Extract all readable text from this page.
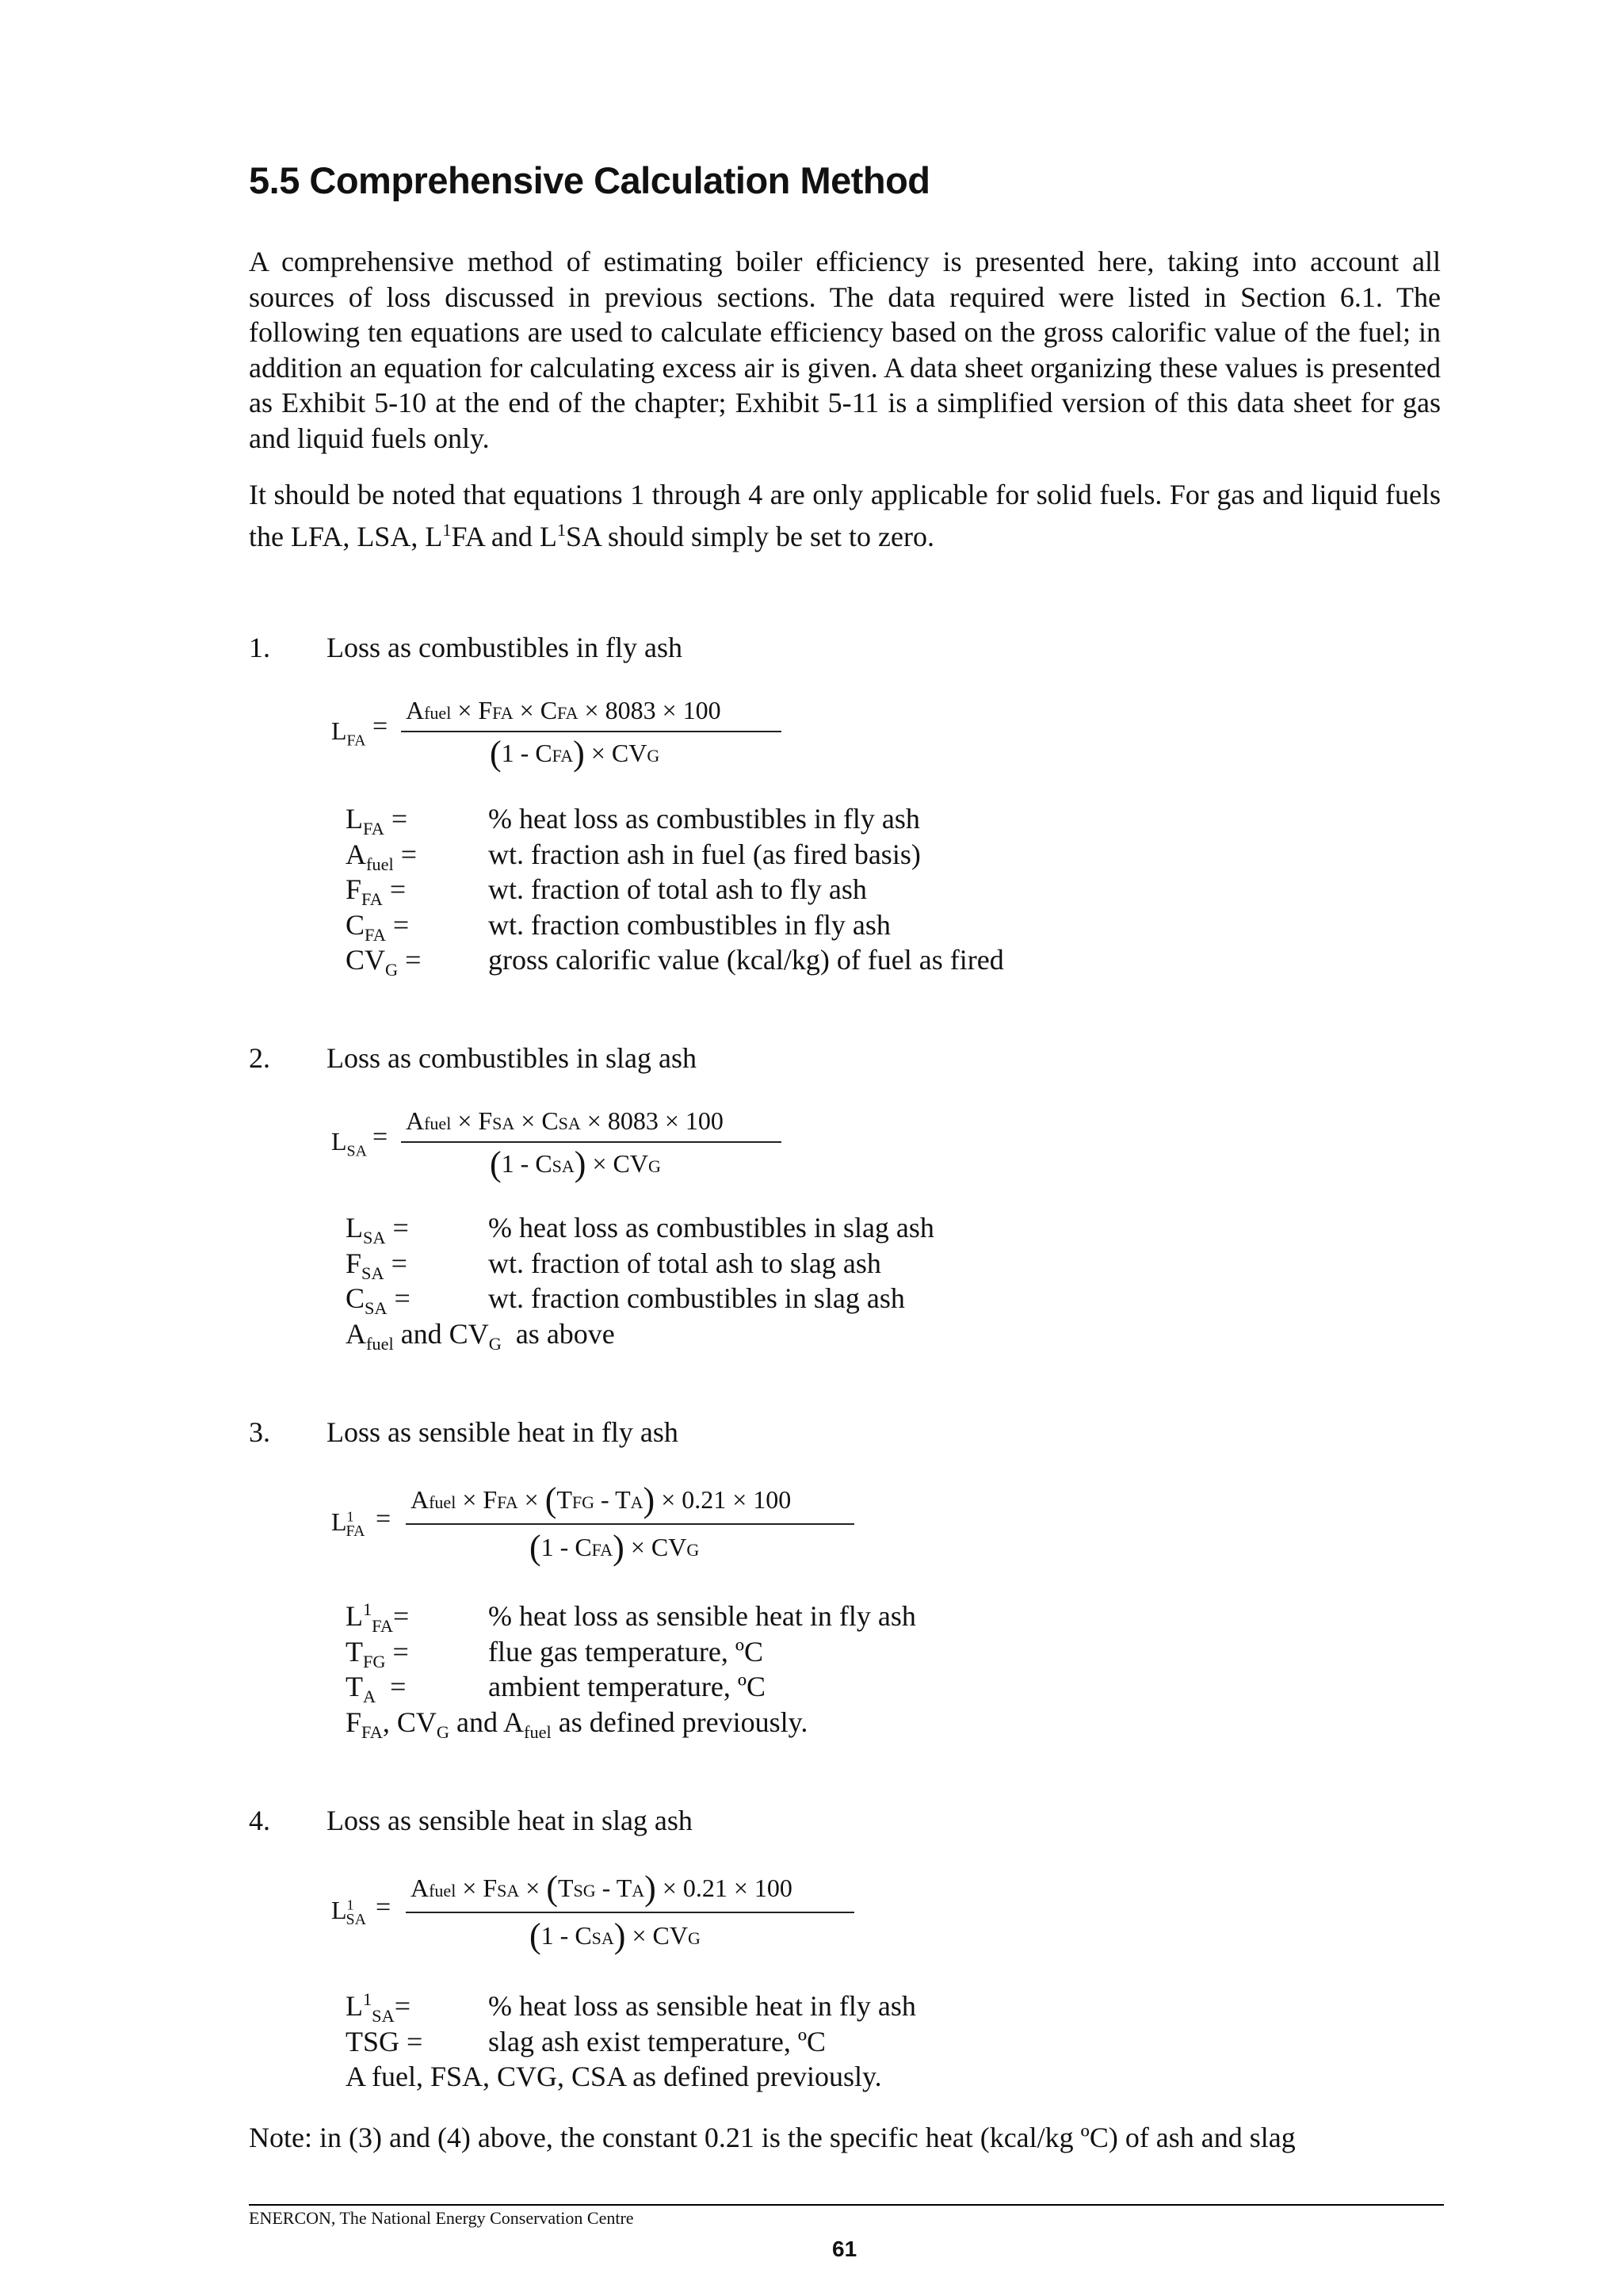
5.5 Comprehensive Calculation Method

A comprehensive method of estimating boiler efficiency is presented here, taking into account all sources of loss discussed in previous sections. The data required were listed in Section 6.1. The following ten equations are used to calculate efficiency based on the gross calorific value of the fuel; in addition an equation for calculating excess air is given. A data sheet organizing these values is presented as Exhibit 5-10 at the end of the chapter; Exhibit 5-11 is a simplified version of this data sheet for gas and liquid fuels only.

It should be noted that equations 1 through 4 are only applicable for solid fuels. For gas and liquid fuels the LFA, LSA, $L^1FA$ and $L^1SA$ should simply be set to zero.

1. Loss as combustibles in fly ash
$L_{FA}$ =
Afuel × FFA × CFA × 8083 × 100
(1 - CFA) × CVG
$L_{FA}$ =	% heat loss as combustibles in fly ash
$A_{fuel}$ = wt. fraction ash in fuel (as fired basis)
$F_{FA}$ =	wt. fraction of total ash to fly ash
$C_{FA}$ =	wt. fraction combustibles in fly ash
$CV_G$ = gross calorific value (kcal/kg) of fuel as fired
2. Loss as combustibles in slag ash
$L_{SA}$ =
Afuel × FSA × CSA × 8083 × 100
(1 - CSA) × CVG
$L_{SA}$ =	% heat loss as combustibles in slag ash
$F_{SA}$ =	wt. fraction of total ash to slag ash
$C_{SA}$ =	wt. fraction combustibles in slag ash
$A_{fuel}$ and $CV_G$  as above
3. Loss as sensible heat in fly ash
$L^1_{FA}$ =
Afuel × FFA × (TFG - TA) × 0.21 × 100
(1 - CFA) × CVG
$L^1_{FA}=$	% heat loss as sensible heat in fly ash
$T_{FG}$ =	flue gas temperature, ºC
$T_A$  =	ambient temperature, ºC
$F_{FA}$, $CV_G$ and $A_{fuel}$ as defined previously.
4. Loss as sensible heat in slag ash
$L^1_{SA}$ =
Afuel × FSA × (TSG - TA) × 0.21 × 100
(1 - CSA) × CVG
$L^1_{SA}=$	% heat loss as sensible heat in fly ash
TSG = slag ash exist temperature, ºC
A fuel, FSA, CVG, CSA as defined previously.

Note: in (3) and (4) above, the constant 0.21 is the specific heat (kcal/kg ºC) of ash and slag

ENERCON, The National Energy Conservation Centre
61
